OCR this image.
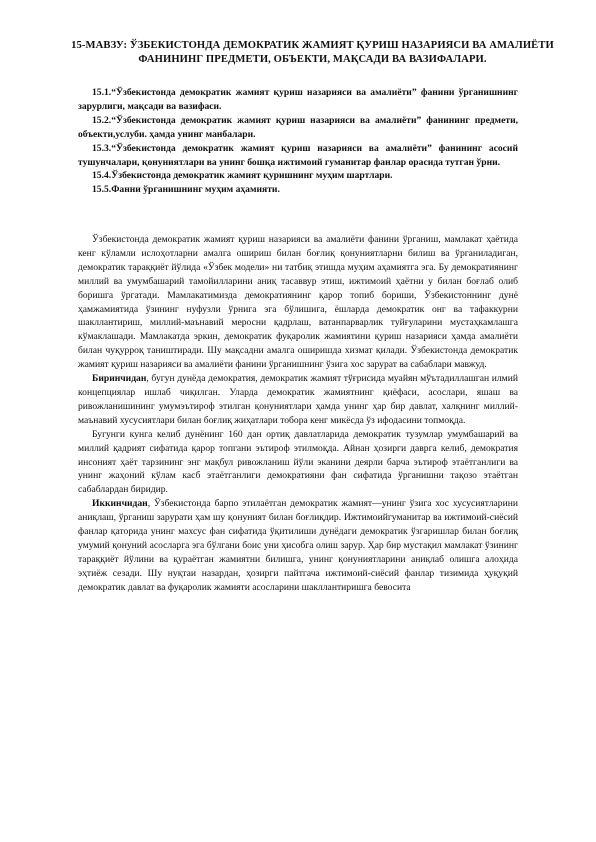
15-МАВЗУ: ЎЗБЕКИСТОНДА ДЕМОКРАТИК ЖАМИЯТ ҚУРИШ НАЗАРИЯСИ ВА АМАЛИЁТИ ФАНИНИНГ ПРЕДМЕТИ, ОБЪЕКТИ, МАҚСАДИ ВА ВАЗИФАЛАРИ.

15.1.“Ўзбекистонда демократик жамият қуриш назарияси ва амалиёти” фанини ўрганишнинг зарурлиги, мақсади ва вазифаси.

15.2.“Ўзбекистонда демократик жамият қуриш назарияси ва амалиёти” фанининг предмети, объекти,услуби. ҳамда унинг манбалари.

15.3.“Ўзбекистонда демократик жамият қуриш назарияси ва амалиёти” фанининг асосий тушунчалари, қонуниятлари ва унинг бошқа ижтимоий гуманитар фанлар орасида тутган ўрни.

15.4.Ўзбекистонда демократик жамият қуришнинг муҳим шартлари.

15.5.Фанни ўрганишнинг муҳим аҳамияти.

Ўзбекистонда демократик жамият қуриш назарияси ва амалиёти фанини ўрганиш, мамлакат ҳаётида кенг кўламли ислоҳотларни амалга ошириш билан боғлиқ қонуниятларни билиш ва ўрганиладиган, демократик тараққиёт йўлида «Ўзбек модели» ни татбиқ этишда муҳим аҳамиятга эга. Бу демократиянинг миллий ва умумбашарий тамойилларини аниқ тасаввур этиш, ижтимоий ҳаётни у билан боғлаб олиб боришга ўргатади. Мамлакатимизда демократиянинг қарор топиб бориши, Ўзбекистоннинг дунё ҳамжамиятида ўзининг нуфузли ўрнига эга бўлишига, ёшларда демократик онг ва тафаккурни шакллантириш, миллий-маънавий меросни қадрлаш, ватанпарварлик туйғуларини мустаҳкамлашга кўмаклашади. Мамлакатда эркин, демократик фуқаролик жамиятини қуриш назарияси ҳамда амалиёти билан чуқурроқ таништиради. Шу мақсадни амалга оширишда хизмат қилади. Ўзбекистонда демократик жамият қуриш назарияси ва амалиёти фанини ўрганишнинг ўзига хос зарурат ва сабаблари мавжуд.

Биринчидан, бугун дунёда демократия, демократик жамият тўғрисида муайян мўътадиллашган илмий концепциялар ишлаб чиқилган. Уларда демократик жамиятнинг қиёфаси, асослари, яшаш ва ривожланишининг умумэътироф этилган қонуниятлари ҳамда унинг ҳар бир давлат, халқнинг миллий-маънавий хусусиятлари билан боғлиқ жиҳатлари тобора кенг микёсда ўз ифодасини топмоқда.

Бугунги кунга келиб дунёнинг 160 дан ортиқ давлатларида демократик тузумлар умумбашарий ва миллий қадрият сифатида қарор топгани эътироф этилмоқда. Айнан ҳозирги даврга келиб, демократия инсоният ҳаёт тарзининг энг мақбул ривожланиш йўли эканини деярли барча эътироф этаётганлиги ва унинг жаҳоний кўлам касб этаётганлиги демократияни фан сифатида ўрганишни тақозо этаётган сабаблардан биридир.

Иккинчидан, Ўзбекистонда барпо этилаётган демократик жамият—унинг ўзига хос хусусиятларини аниқлаш, ўрганиш зарурати ҳам шу қонуният билан боғлиқдир. Ижтимоийгуманитар ва ижтимоий-сиёсий фанлар қаторида унинг махсус фан сифатида ўқитилиши дунёдаги демократик ўзгаришлар билан боғлиқ умумий қонуний асосларга эга бўлгани боис уни ҳисобга олиш зарур. Ҳар бир мустақил мамлакат ўзининг тараққиёт йўлини ва қураётган жамиятни билишга, унинг қонуниятларини аниқлаб олишга алоҳида эҳтиёж сезади. Шу нуқтаи назардан, ҳозирги пайтгача ижтимоий-сиёсий фанлар тизимида ҳуқуқий демократик давлат ва фуқаролик жамияти асосларини шакллантиришга бевосита
